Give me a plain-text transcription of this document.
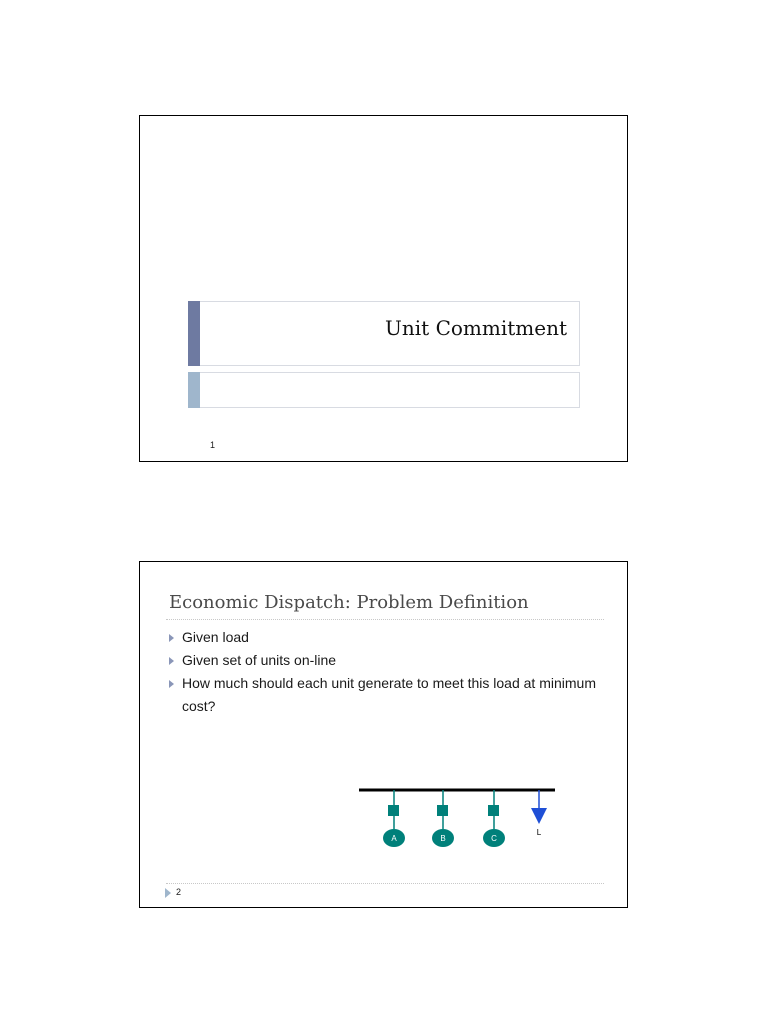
Unit Commitment
1
Economic Dispatch: Problem Definition
Given load
Given set of units on-line
How much should each unit generate to meet this load at minimum cost?
A	B	C
L
2
